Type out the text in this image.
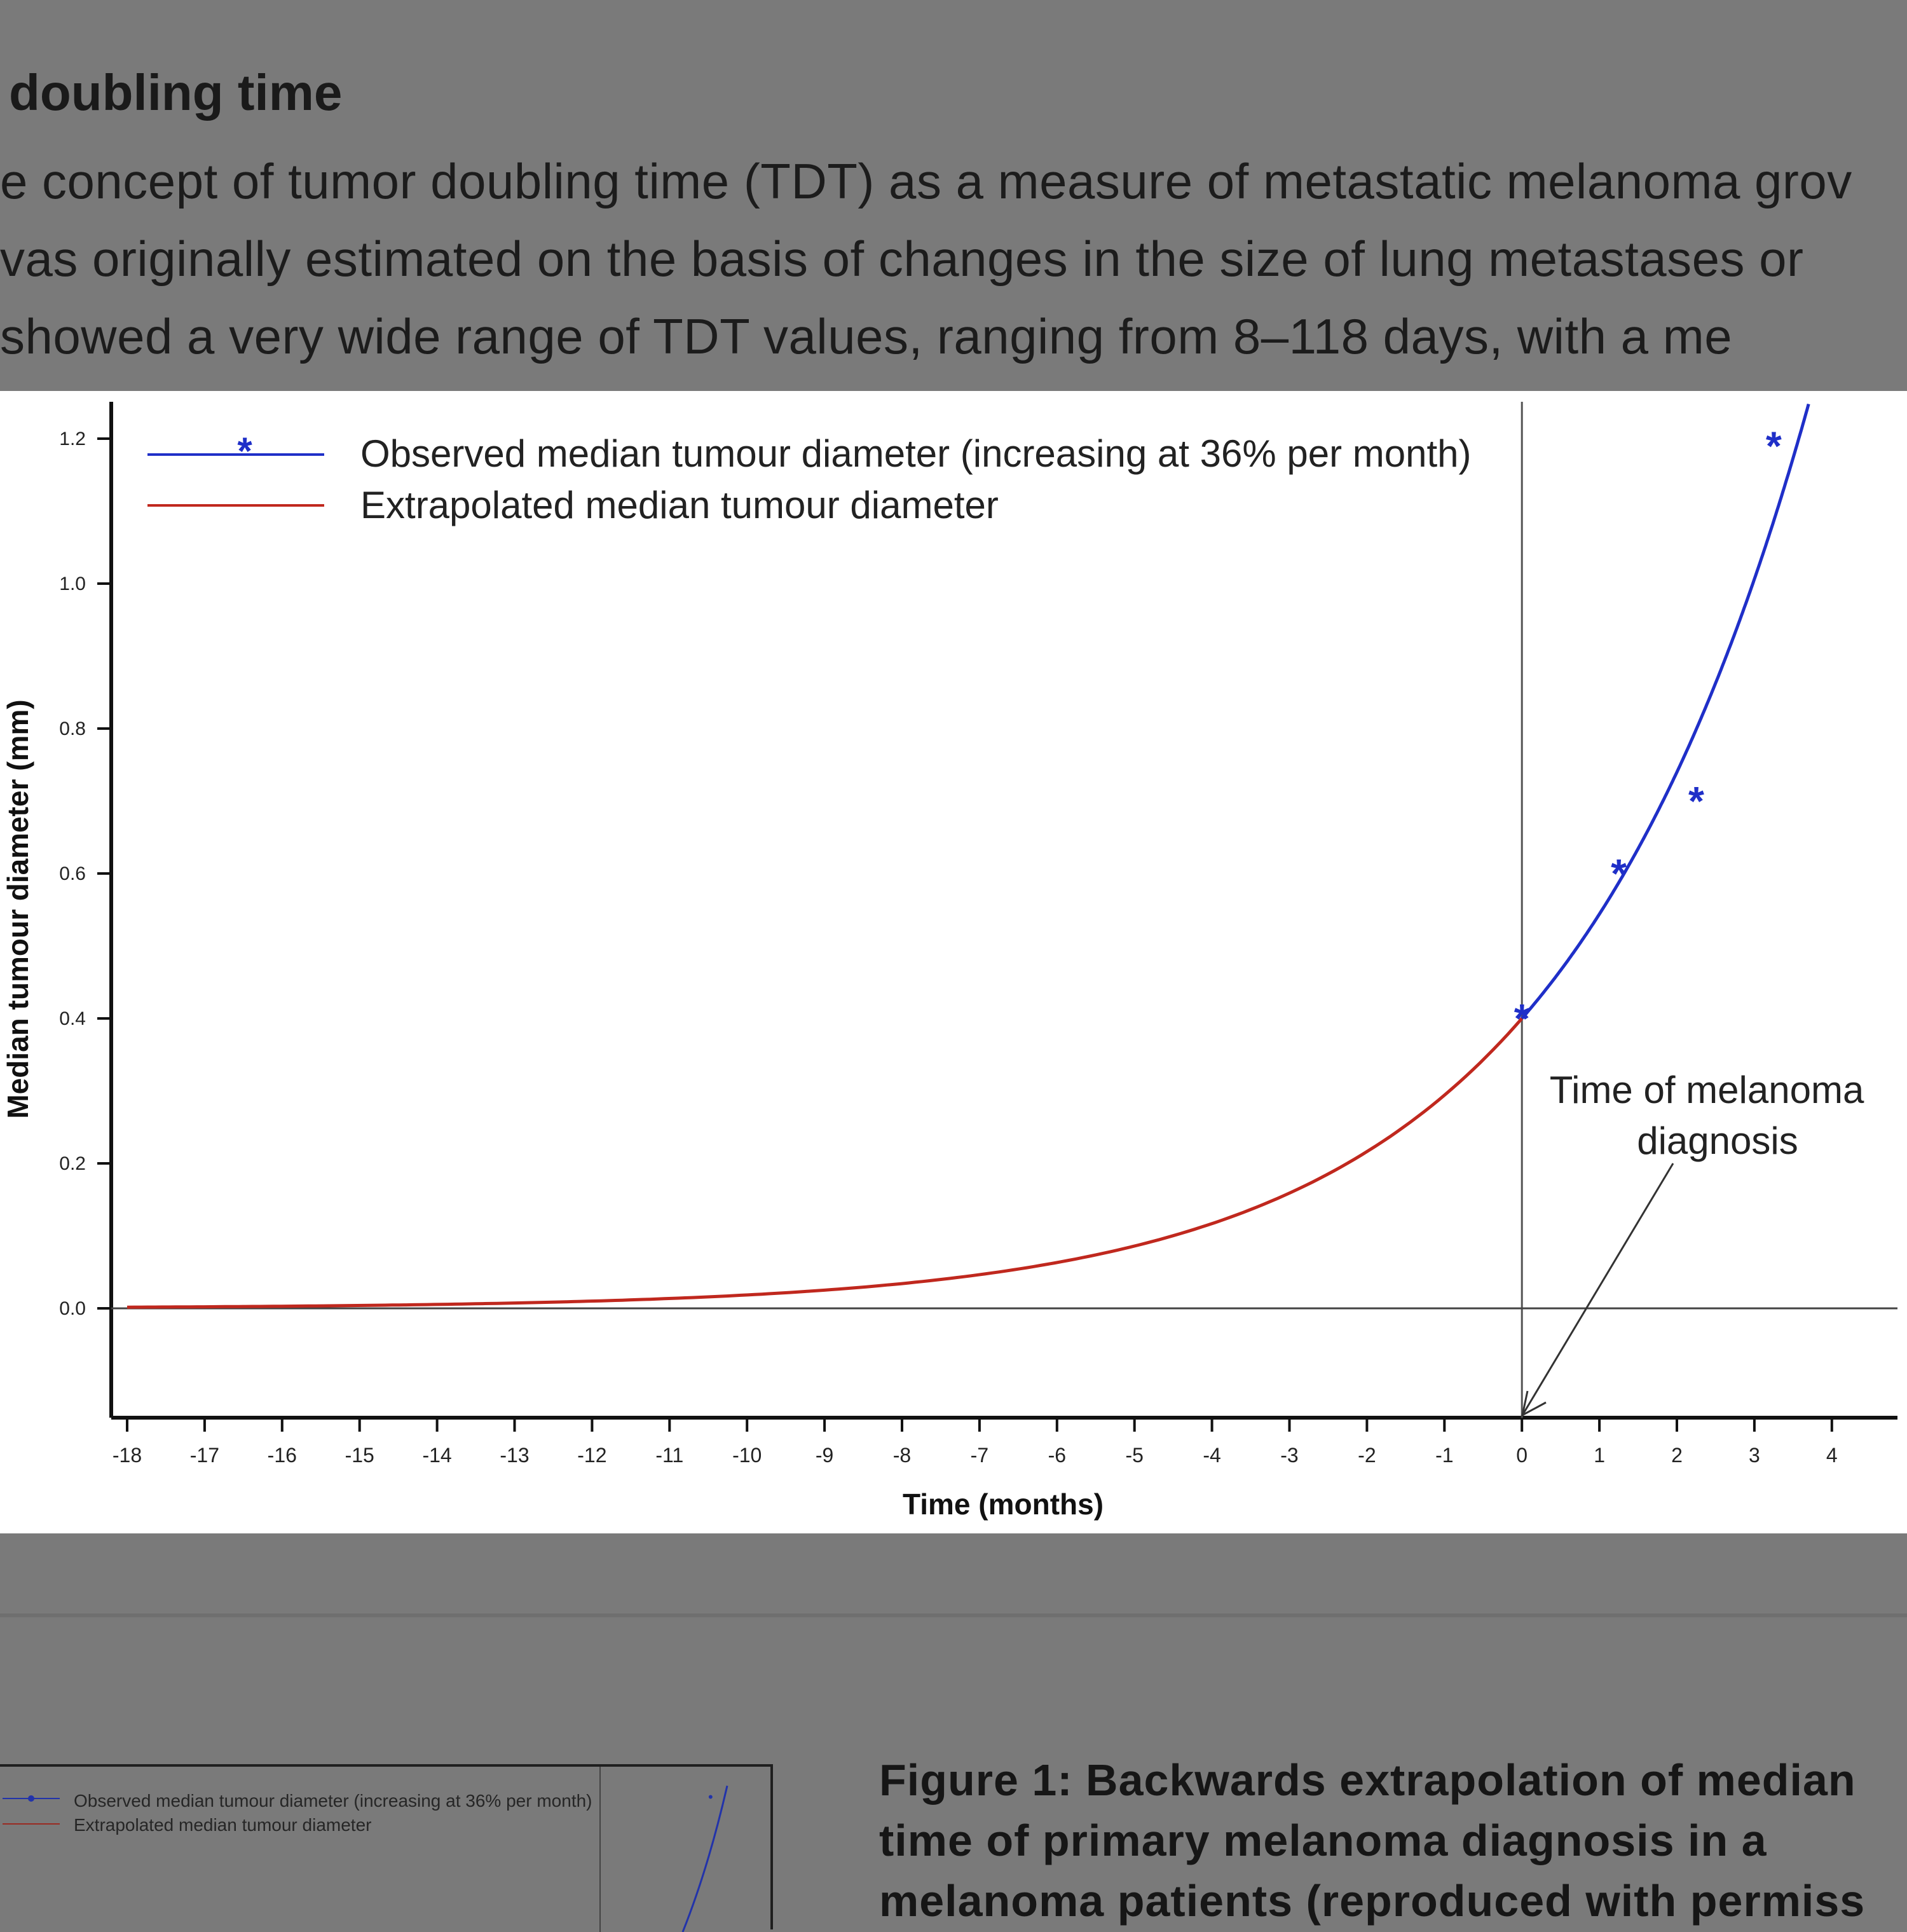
doubling time
e concept of tumor doubling time (TDT) as a measure of metastatic melanoma grov
vas originally estimated on the basis of changes in the size of lung metastases or
showed a very wide range of TDT values, ranging from 8–118 days, with a me
0.0
0.2
0.4
0.6
0.8
1.0
1.2
-18 -17 -16 -15 -14 -13 -12 -11 -10	-9	-8	-7	-6	-5	-4	-3	-2	-1	0	1	2	3	4
Time (months)
Median tumour diameter (mm)	*
*
*
*
*	Observed median tumour diameter (increasing at 36% per month)
Extrapolated median tumour diameter
Time of melanoma
diagnosis
•
Observed median tumour diameter (increasing at 36% per month)
Extrapolated median tumour diameter
Figure 1: Backwards extrapolation of median
time of primary melanoma diagnosis in a
melanoma patients (reproduced with permiss
